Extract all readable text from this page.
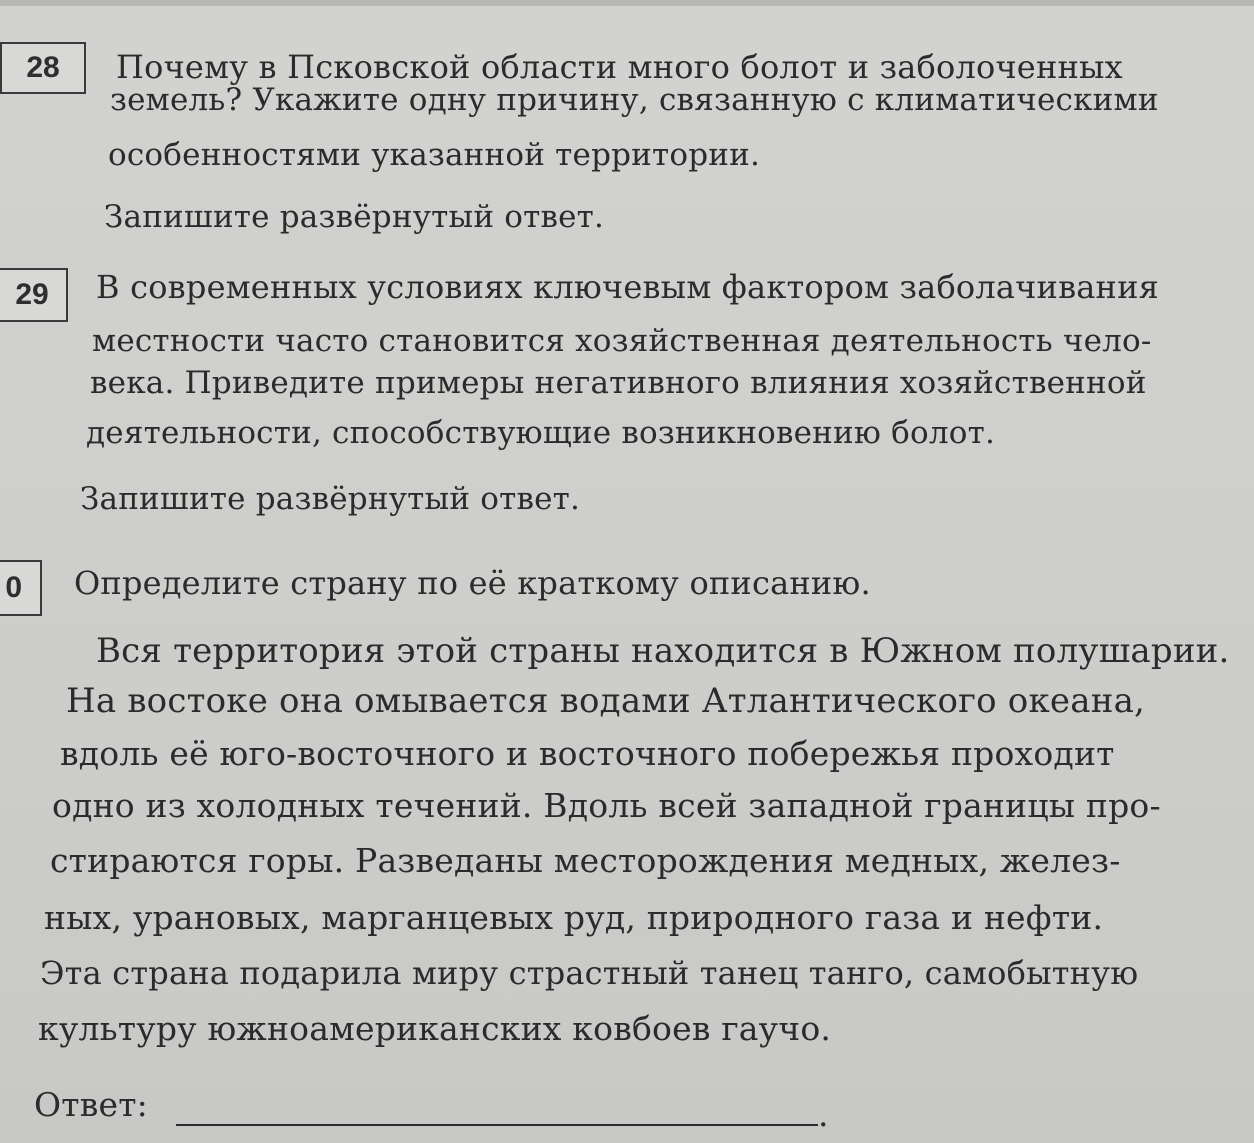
28 Почему в Псковской области много болот и заболоченных
земель? Укажите одну причину, связанную с климатическими
особенностями указанной территории.
Запишите развёрнутый ответ.
29 В современных условиях ключевым фактором заболачивания
местности часто становится хозяйственная деятельность чело-
века. Приведите примеры негативного влияния хозяйственной
деятельности, способствующие возникновению болот.
Запишите развёрнутый ответ.
0 Определите страну по её краткому описанию.
Вся территория этой страны находится в Южном полушарии.
На востоке она омывается водами Атлантического океана,
вдоль её юго-восточного и восточного побережья проходит
одно из холодных течений. Вдоль всей западной границы про-
стираются горы. Разведаны месторождения медных, желез-
ных, урановых, марганцевых руд, природного газа и нефти.
Эта страна подарила миру страстный танец танго, самобытную
культуру южноамериканских ковбоев гаучо.
Ответ:	.
